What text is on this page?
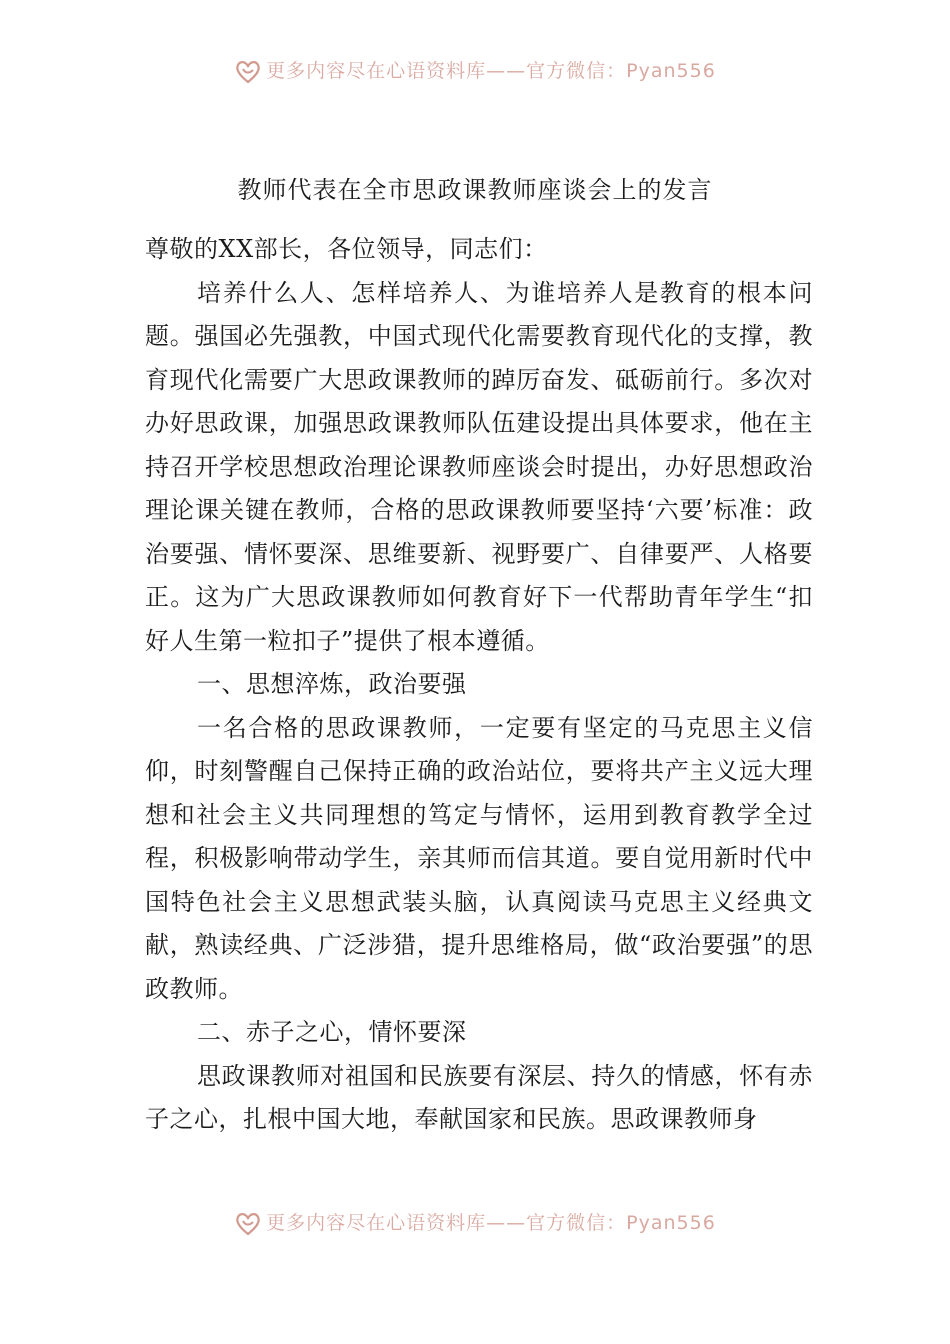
更多内容尽在心语资料库——官方微信：Pyan556
教师代表在全市思政课教师座谈会上的发言

尊敬的XX部长，各位领导，同志们：

培养什么人、怎样培养人、为谁培养人是教育的根本问题。强国必先强教，中国式现代化需要教育现代化的支撑，教育现代化需要广大思政课教师的踔厉奋发、砥砺前行。多次对办好思政课，加强思政课教师队伍建设提出具体要求，他在主持召开学校思想政治理论课教师座谈会时提出，办好思想政治理论课关键在教师，合格的思政课教师要坚持‘六要’标准：政治要强、情怀要深、思维要新、视野要广、自律要严、人格要正。这为广大思政课教师如何教育好下一代帮助青年学生“扣好人生第一粒扣子”提供了根本遵循。

一、思想淬炼，政治要强

一名合格的思政课教师，一定要有坚定的马克思主义信仰，时刻警醒自己保持正确的政治站位，要将共产主义远大理想和社会主义共同理想的笃定与情怀，运用到教育教学全过程，积极影响带动学生，亲其师而信其道。要自觉用新时代中国特色社会主义思想武装头脑，认真阅读马克思主义经典文献，熟读经典、广泛涉猎，提升思维格局，做“政治要强”的思政教师。

二、赤子之心，情怀要深

思政课教师对祖国和民族要有深层、持久的情感，怀有赤子之心，扎根中国大地，奉献国家和民族。思政课教师身

更多内容尽在心语资料库——官方微信：Pyan556
